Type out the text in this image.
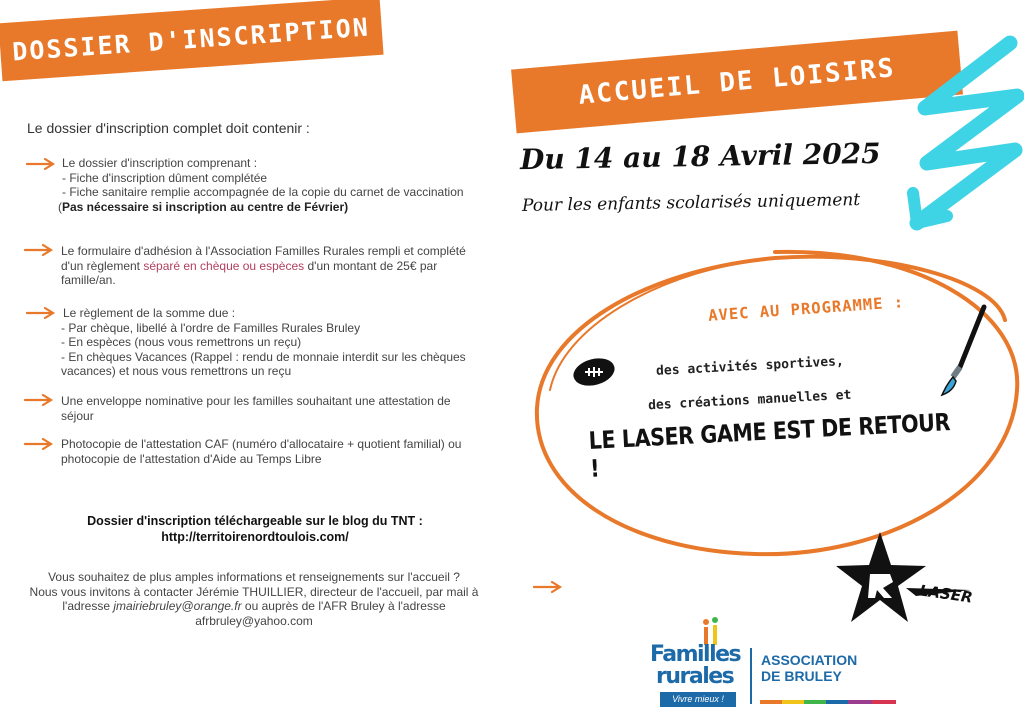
DOSSIER D'INSCRIPTION
Le dossier d'inscription complet doit contenir :
Le dossier d'inscription comprenant :
- Fiche d'inscription dûment complétée
- Fiche sanitaire remplie accompagnée de la copie du carnet de vaccination
(Pas nécessaire si inscription au centre de Février)
Le formulaire d'adhésion à l'Association Familles Rurales rempli et complété
d'un règlement séparé en chèque ou espèces d'un montant de 25€ par
famille/an.
Le règlement de la somme due :
- Par chèque, libellé à l'ordre de Familles Rurales Bruley
- En espèces (nous vous remettrons un reçu)
- En chèques Vacances (Rappel : rendu de monnaie interdit sur les chèques
vacances) et nous vous remettrons un reçu
Une enveloppe nominative pour les familles souhaitant une attestation de
séjour
Photocopie de l'attestation CAF (numéro d'allocataire + quotient familial) ou
photocopie de l'attestation d'Aide au Temps Libre
Dossier d'inscription téléchargeable sur le blog du TNT :
http://territoirenordtoulois.com/
Vous souhaitez de plus amples informations et renseignements sur l'accueil ?
Nous vous invitons à contacter Jérémie THUILLIER, directeur de l'accueil, par mail à
l'adresse jmairiebruley@orange.fr ou auprès de l'AFR Bruley à l'adresse
afrbruley@yahoo.com
ACCUEIL DE LOISIRS
Du 14 au 18 Avril 2025
Pour les enfants scolarisés uniquement
AVEC AU PROGRAMME :
des activités sportives,
des créations manuelles et
LE LASER GAME EST DE RETOUR !
LASER
Familles
rurales
Vivre mieux !
ASSOCIATION
DE BRULEY
